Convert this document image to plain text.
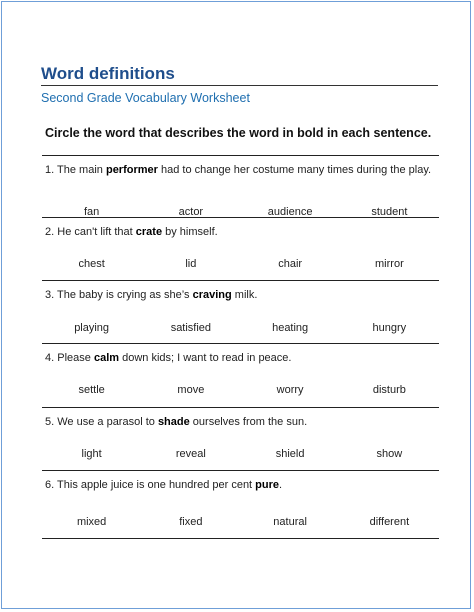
Word definitions
Second Grade Vocabulary Worksheet
Circle the word that describes the word in bold in each sentence.
1. The main performer had to change her costume many times during the play.
fan	actor	audience	student
2. He can't lift that crate by himself.
chest	lid	chair	mirror
3. The baby is crying as she’s craving milk.
playing	satisfied	heating	hungry
4. Please calm down kids; I want to read in peace.
settle	move	worry	disturb
5. We use a parasol to shade ourselves from the sun.
light	reveal	shield	show
6. This apple juice is one hundred per cent pure.
mixed	fixed	natural	different
